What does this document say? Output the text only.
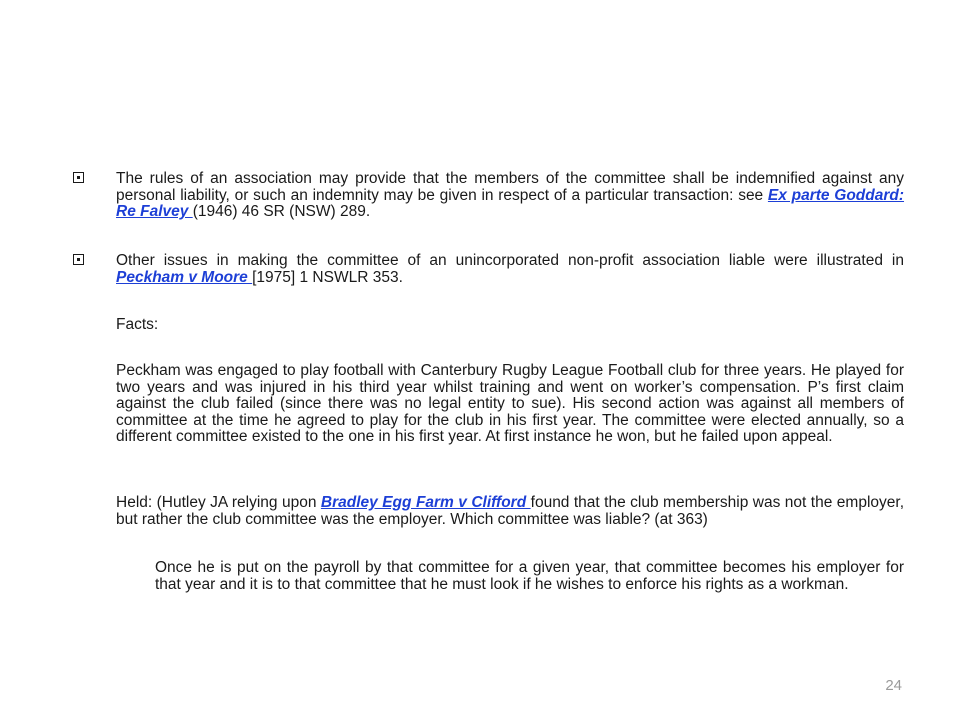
The rules of an association may provide that the members of the committee shall be indemnified against any personal liability, or such an indemnity may be given in respect of a particular transaction: see Ex parte Goddard: Re Falvey (1946) 46 SR (NSW) 289.
Other issues in making the committee of an unincorporated non-profit association liable were illustrated in Peckham v Moore [1975] 1 NSWLR 353.
Facts:
Peckham was engaged to play football with Canterbury Rugby League Football club for three years. He played for two years and was injured in his third year whilst training and went on worker’s compensation. P’s first claim against the club failed (since there was no legal entity to sue). His second action was against all members of committee at the time he agreed to play for the club in his first year. The committee were elected annually, so a different committee existed to the one in his first year. At first instance he won, but he failed upon appeal.
Held: (Hutley JA relying upon Bradley Egg Farm v Clifford found that the club membership was not the employer, but rather the club committee was the employer. Which committee was liable? (at 363)
Once he is put on the payroll by that committee for a given year, that committee becomes his employer for that year and it is to that committee that he must look if he wishes to enforce his rights as a workman.
24
